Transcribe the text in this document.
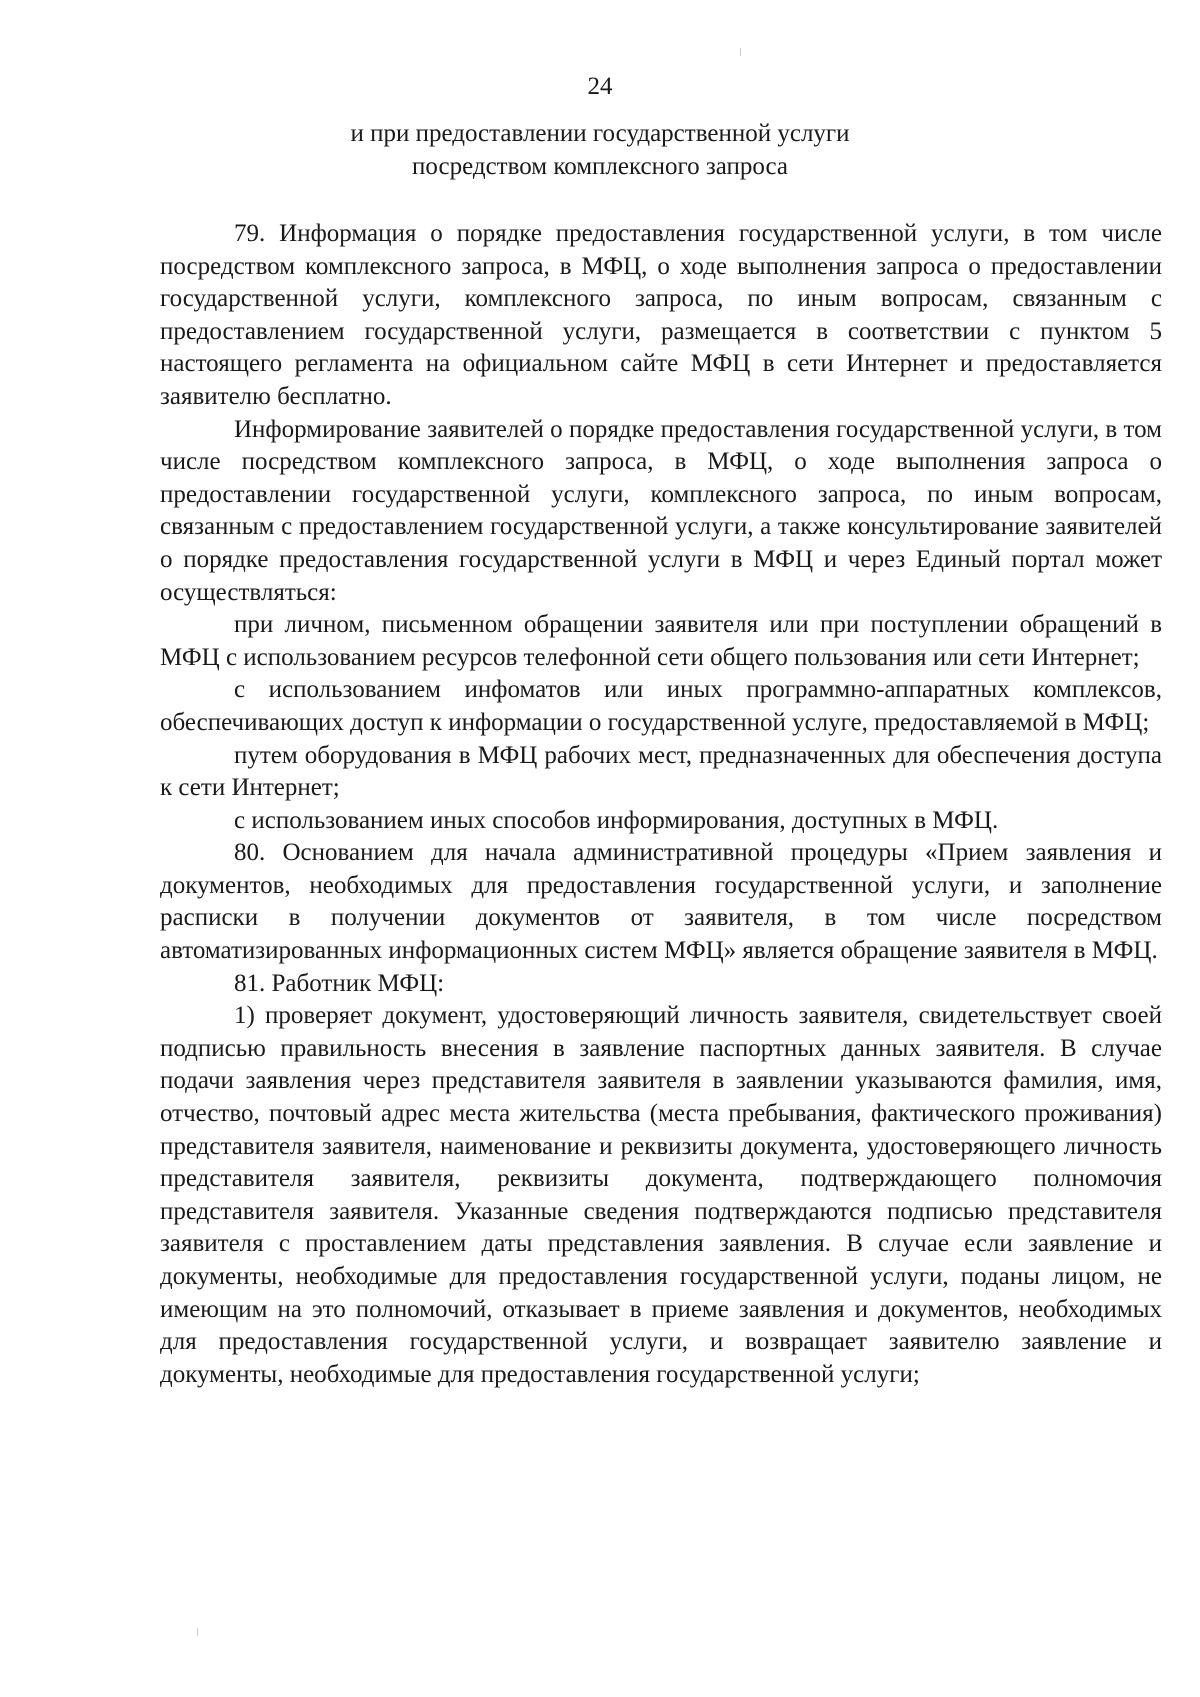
24
и при предоставлении государственной услуги
посредством комплексного запроса

79. Информация о порядке предоставления государственной услуги, в том числе посредством комплексного запроса, в МФЦ, о ходе выполнения запроса о предоставлении государственной услуги, комплексного запроса, по иным вопросам, связанным с предоставлением государственной услуги, размещается в соответствии с пунктом 5 настоящего регламента на официальном сайте МФЦ в сети Интернет и предоставляется заявителю бесплатно.

Информирование заявителей о порядке предоставления государственной услуги, в том числе посредством комплексного запроса, в МФЦ, о ходе выполнения запроса о предоставлении государственной услуги, комплексного запроса, по иным вопросам, связанным с предоставлением государственной услуги, а также консультирование заявителей о порядке предоставления государственной услуги в МФЦ и через Единый портал может осуществляться:

при личном, письменном обращении заявителя или при поступлении обращений в МФЦ с использованием ресурсов телефонной сети общего пользования или сети Интернет;

с использованием инфоматов или иных программно-аппаратных комплексов, обеспечивающих доступ к информации о государственной услуге, предоставляемой в МФЦ;

путем оборудования в МФЦ рабочих мест, предназначенных для обеспечения доступа к сети Интернет;

с использованием иных способов информирования, доступных в МФЦ.

80. Основанием для начала административной процедуры «Прием заявления и документов, необходимых для предоставления государственной услуги, и заполнение расписки в получении документов от заявителя, в том числе посредством автоматизированных информационных систем МФЦ» является обращение заявителя в МФЦ.

81. Работник МФЦ:

1) проверяет документ, удостоверяющий личность заявителя, свидетельствует своей подписью правильность внесения в заявление паспортных данных заявителя. В случае подачи заявления через представителя заявителя в заявлении указываются фамилия, имя, отчество, почтовый адрес места жительства (места пребывания, фактического проживания) представителя заявителя, наименование и реквизиты документа, удостоверяющего личность представителя заявителя, реквизиты документа, подтверждающего полномочия представителя заявителя. Указанные сведения подтверждаются подписью представителя заявителя с проставлением даты представления заявления. В случае если заявление и документы, необходимые для предоставления государственной услуги, поданы лицом, не имеющим на это полномочий, отказывает в приеме заявления и документов, необходимых для предоставления государственной услуги, и возвращает заявителю заявление и документы, необходимые для предоставления государственной услуги;
